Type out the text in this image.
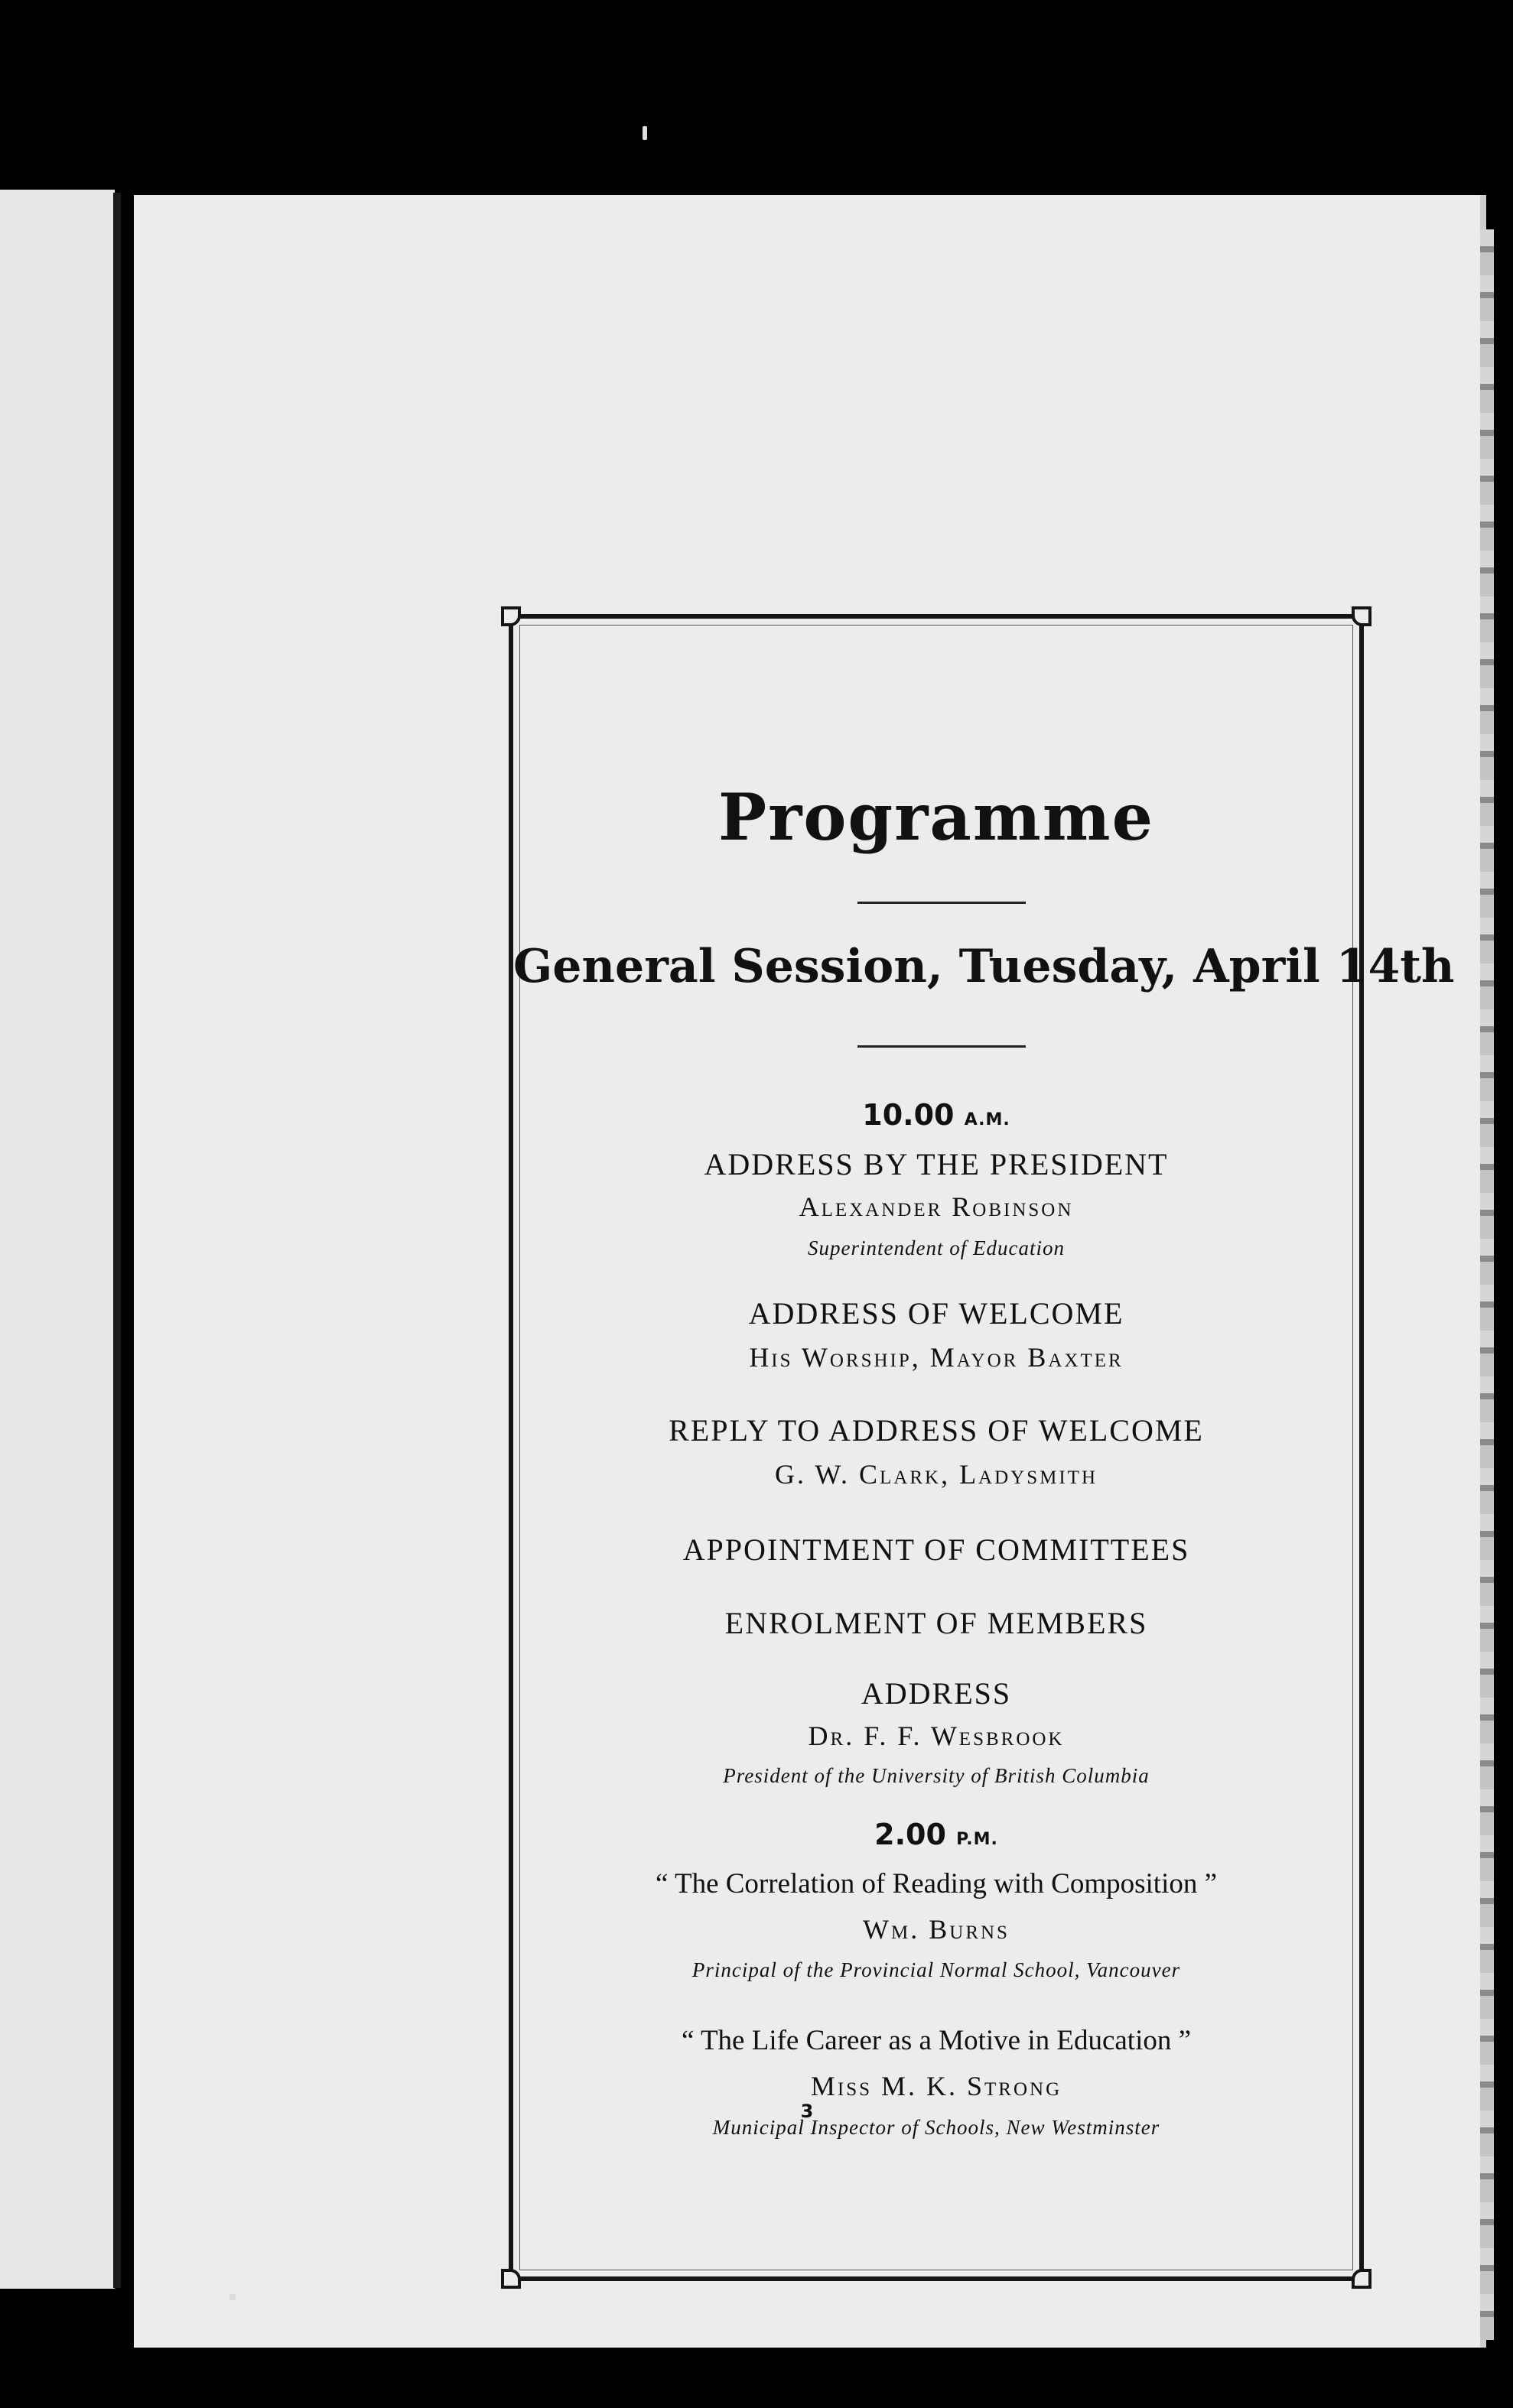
Programme
General Session, Tuesday, April 14th
10.00 A.M.
ADDRESS BY THE PRESIDENT
Alexander Robinson
Superintendent of Education
ADDRESS OF WELCOME
His Worship, Mayor Baxter
REPLY TO ADDRESS OF WELCOME
G. W. Clark, Ladysmith
APPOINTMENT OF COMMITTEES
ENROLMENT OF MEMBERS
ADDRESS
Dr. F. F. Wesbrook
President of the University of British Columbia
2.00 P.M.
“ The Correlation of Reading with Composition ”
Wm. Burns
Principal of the Provincial Normal School, Vancouver
“ The Life Career as a Motive in Education ”
Miss M. K. Strong
Municipal Inspector of Schools, New Westminster
3
